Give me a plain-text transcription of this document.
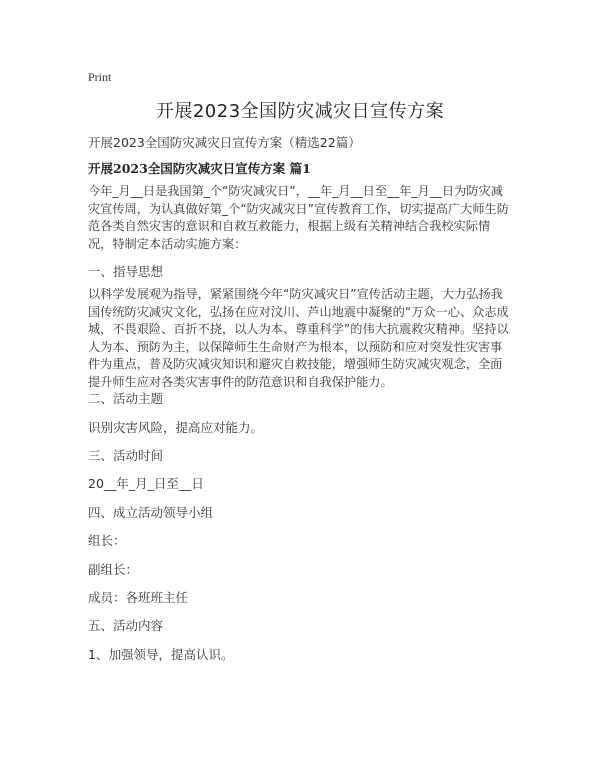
Print
开展2023全国防灾减灾日宣传方案
开展2023全国防灾减灾日宣传方案（精选22篇）
开展2023全国防灾减灾日宣传方案 篇1
今年_月__日是我国第_个“防灾减灾日”，__年_月__日至__年_月__日为防灾减灾宣传周，为认真做好第_个“防灾减灾日”宣传教育工作，切实提高广大师生防范各类自然灾害的意识和自救互救能力，根据上级有关精神结合我校实际情况，特制定本活动实施方案：
一、指导思想
以科学发展观为指导，紧紧围绕今年“防灾减灾日”宣传活动主题，大力弘扬我国传统防灾减灾文化，弘扬在应对汶川、芦山地震中凝聚的“万众一心、众志成城，不畏艰险、百折不挠，以人为本、尊重科学”的伟大抗震救灾精神。坚持以人为本、预防为主，以保障师生生命财产为根本，以预防和应对突发性灾害事件为重点，普及防灾减灾知识和避灾自救技能，增强师生防灾减灾观念，全面提升师生应对各类灾害事件的防范意识和自我保护能力。
二、活动主题
识别灾害风险，提高应对能力。
三、活动时间
20__年_月_日至__日
四、成立活动领导小组
组长：
副组长：
成员：各班班主任
五、活动内容
1、加强领导，提高认识。
